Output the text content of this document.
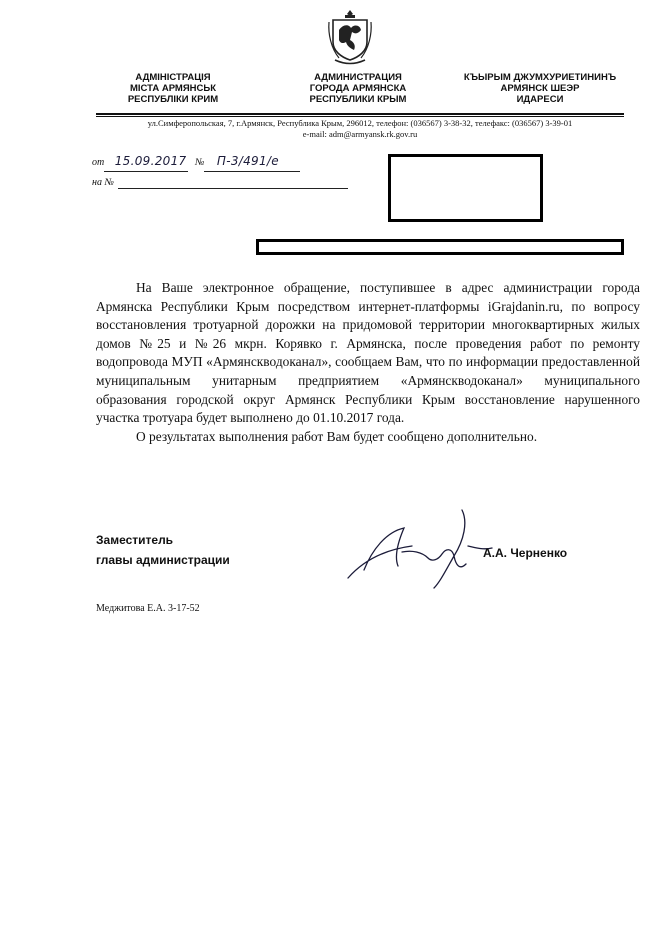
АДМІНІСТРАЦІЯ
МІСТА АРМЯНСЬК
РЕСПУБЛІКИ КРИМ
АДМИНИСТРАЦИЯ
ГОРОДА АРМЯНСКА
РЕСПУБЛИКИ КРЫМ
КЪЫРЫМ ДЖУМХУРИЕТИНИНЪ
АРМЯНСК ШЕЭР
ИДАРЕСИ
ул.Симферопольская, 7, г.Армянск, Республика Крым, 296012, телефон: (036567) 3-38-32, телефакс: (036567) 3-39-01
e-mail: adm@armyansk.rk.gov.ru
от 15.09.2017 № П-3/491/е
на №

На Ваше электронное обращение, поступившее в адрес администрации города Армянска Республики Крым посредством интернет-платформы iGrajdanin.ru, по вопросу восстановления тротуарной дорожки на придомовой территории многоквартирных жилых домов №25 и №26 мкрн. Корявко г. Армянска, после проведения работ по ремонту водопровода МУП «Армянскводоканал», сообщаем Вам, что по информации предоставленной муниципальным унитарным предприятием «Армянскводоканал» муниципального образования городской округ Армянск Республики Крым восстановление нарушенного участка тротуара будет выполнено до 01.10.2017 года.

О результатах выполнения работ Вам будет сообщено дополнительно.

Заместитель
главы администрации	А.А. Черненко
Меджитова Е.А. 3-17-52
